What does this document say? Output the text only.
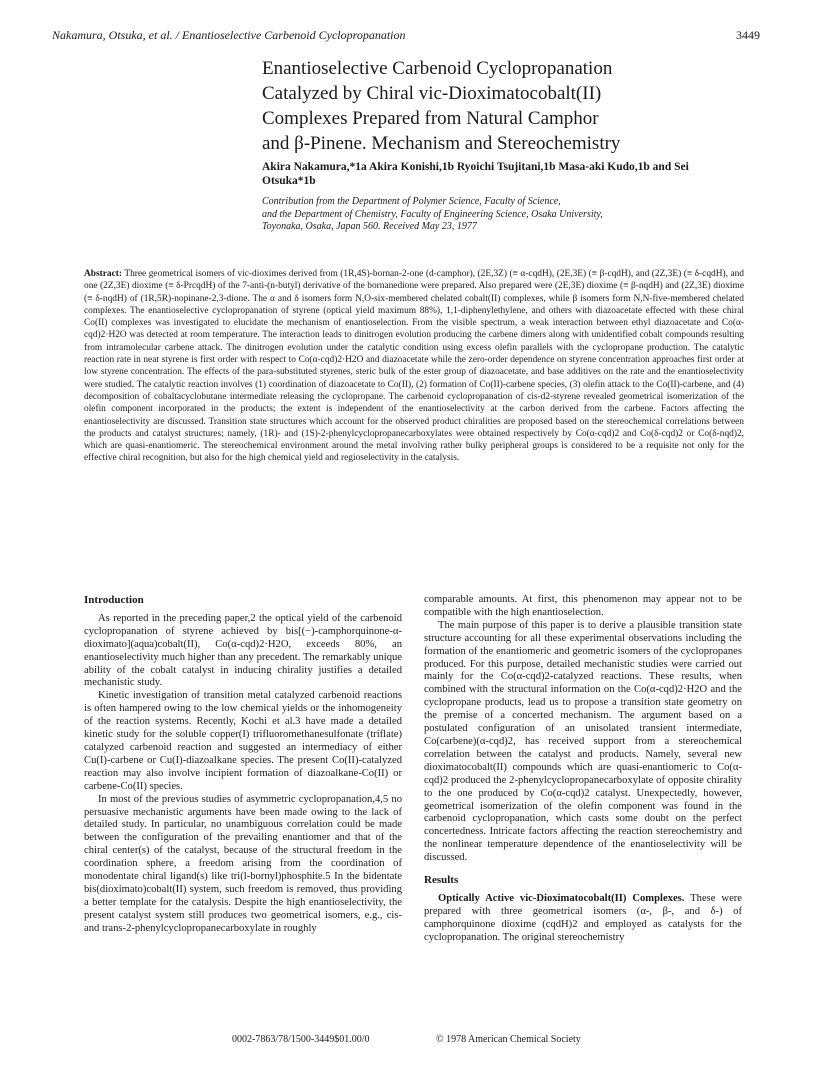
Nakamura, Otsuka, et al. / Enantioselective Carbenoid Cyclopropanation	3449
Enantioselective Carbenoid Cyclopropanation
Catalyzed by Chiral vic-Dioximatocobalt(II)
Complexes Prepared from Natural Camphor
and β-Pinene. Mechanism and Stereochemistry
Akira Nakamura,*1a Akira Konishi,1b Ryoichi Tsujitani,1b Masa-aki Kudo,1b and Sei Otsuka*1b
Contribution from the Department of Polymer Science, Faculty of Science,
and the Department of Chemistry, Faculty of Engineering Science, Osaka University,
Toyonaka, Osaka, Japan 560. Received May 23, 1977
Abstract: Three geometrical isomers of vic-dioximes derived from (1R,4S)-bornan-2-one (d-camphor), (2E,3Z) (≡ α-cqdH), (2E,3E) (≡ β-cqdH), and (2Z,3E) (≡ δ-cqdH), and one (2Z,3E) dioxime (≡ δ-PrcqdH) of the 7-anti-(n-butyl) derivative of the bornanedione were prepared. Also prepared were (2E,3E) dioxime (≡ β-nqdH) and (2Z,3E) dioxime (≡ δ-nqdH) of (1R,5R)-nopinane-2,3-dione. The α and δ isomers form N,O-six-membered chelated cobalt(II) complexes, while β isomers form N,N-five-membered chelated complexes. The enantioselective cyclopropanation of styrene (optical yield maximum 88%), 1,1-diphenylethylene, and others with diazoacetate effected with these chiral Co(II) complexes was investigated to elucidate the mechanism of enantioselection. From the visible spectrum, a weak interaction between ethyl diazoacetate and Co(α-cqd)2·H2O was detected at room temperature. The interaction leads to dinitrogen evolution producing the carbene dimers along with unidentified cobalt compounds resulting from intramolecular carbene attack. The dinitrogen evolution under the catalytic condition using excess olefin parallels with the cyclopropane production. The catalytic reaction rate in neat styrene is first order with respect to Co(α-cqd)2·H2O and diazoacetate while the zero-order dependence on styrene concentration approaches first order at low styrene concentration. The effects of the para-substituted styrenes, steric bulk of the ester group of diazoacetate, and base additives on the rate and the enantioselectivity were studied. The catalytic reaction involves (1) coordination of diazoacetate to Co(II), (2) formation of Co(II)-carbene species, (3) olefin attack to the Co(II)-carbene, and (4) decomposition of cobaltacyclobutane intermediate releasing the cyclopropane. The carbenoid cyclopropanation of cis-d2-styrene revealed geometrical isomerization of the olefin component incorporated in the products; the extent is independent of the enantioselectivity at the carbon derived from the carbene. Factors affecting the enantioselectivity are discussed. Transition state structures which account for the observed product chiralities are proposed based on the stereochemical correlations between the products and catalyst structures; namely, (1R)- and (1S)-2-phenylcyclopropanecarboxylates were obtained respectively by Co(α-cqd)2 and Co(δ-cqd)2 or Co(δ-nqd)2, which are quasi-enantiomeric. The stereochemical environment around the metal involving rather bulky peripheral groups is considered to be a requisite not only for the effective chiral recognition, but also for the high chemical yield and regioselectivity in the catalysis.
Introduction

As reported in the preceding paper,2 the optical yield of the carbenoid cyclopropanation of styrene achieved by bis[(−)-camphorquinone-α-dioximato](aqua)cobalt(II), Co(α-cqd)2·H2O, exceeds 80%, an enantioselectivity much higher than any precedent. The remarkably unique ability of the cobalt catalyst in inducing chirality justifies a detailed mechanistic study.

Kinetic investigation of transition metal catalyzed carbenoid reactions is often hampered owing to the low chemical yields or the inhomogeneity of the reaction systems. Recently, Kochi et al.3 have made a detailed kinetic study for the soluble copper(I) trifluoromethanesulfonate (triflate) catalyzed carbenoid reaction and suggested an intermediacy of either Cu(I)-carbene or Cu(I)-diazoalkane species. The present Co(II)-catalyzed reaction may also involve incipient formation of diazoalkane-Co(II) or carbene-Co(II) species.

In most of the previous studies of asymmetric cyclopropanation,4,5 no persuasive mechanistic arguments have been made owing to the lack of detailed study. In particular, no unambiguous correlation could be made between the configuration of the prevailing enantiomer and that of the chiral center(s) of the catalyst, because of the structural freedom in the coordination sphere, a freedom arising from the coordination of monodentate chiral ligand(s) like tri(l-bornyl)phosphite.5 In the bidentate bis(dioximato)cobalt(II) system, such freedom is removed, thus providing a better template for the catalysis. Despite the high enantioselectivity, the present catalyst system still produces two geometrical isomers, e.g., cis- and trans-2-phenylcyclopropanecarboxylate in roughly

comparable amounts. At first, this phenomenon may appear not to be compatible with the high enantioselection.

The main purpose of this paper is to derive a plausible transition state structure accounting for all these experimental observations including the formation of the enantiomeric and geometric isomers of the cyclopropanes produced. For this purpose, detailed mechanistic studies were carried out mainly for the Co(α-cqd)2-catalyzed reactions. These results, when combined with the structural information on the Co(α-cqd)2·H2O and the cyclopropane products, lead us to propose a transition state geometry on the premise of a concerted mechanism. The argument based on a postulated configuration of an unisolated transient intermediate, Co(carbene)(α-cqd)2, has received support from a stereochemical correlation between the catalyst and products. Namely, several new dioximatocobalt(II) compounds which are quasi-enantiomeric to Co(α-cqd)2 produced the 2-phenylcyclopropanecarboxylate of opposite chirality to the one produced by Co(α-cqd)2 catalyst. Unexpectedly, however, geometrical isomerization of the olefin component was found in the carbenoid cyclopropanation, which casts some doubt on the perfect concertedness. Intricate factors affecting the reaction stereochemistry and the nonlinear temperature dependence of the enantioselectivity will be discussed.

Results

Optically Active vic-Dioximatocobalt(II) Complexes. These were prepared with three geometrical isomers (α-, β-, and δ-) of camphorquinone dioxime (cqdH)2 and employed as catalysts for the cyclopropanation. The original stereochemistry

0002-7863/78/1500-3449$01.00/0	© 1978 American Chemical Society
